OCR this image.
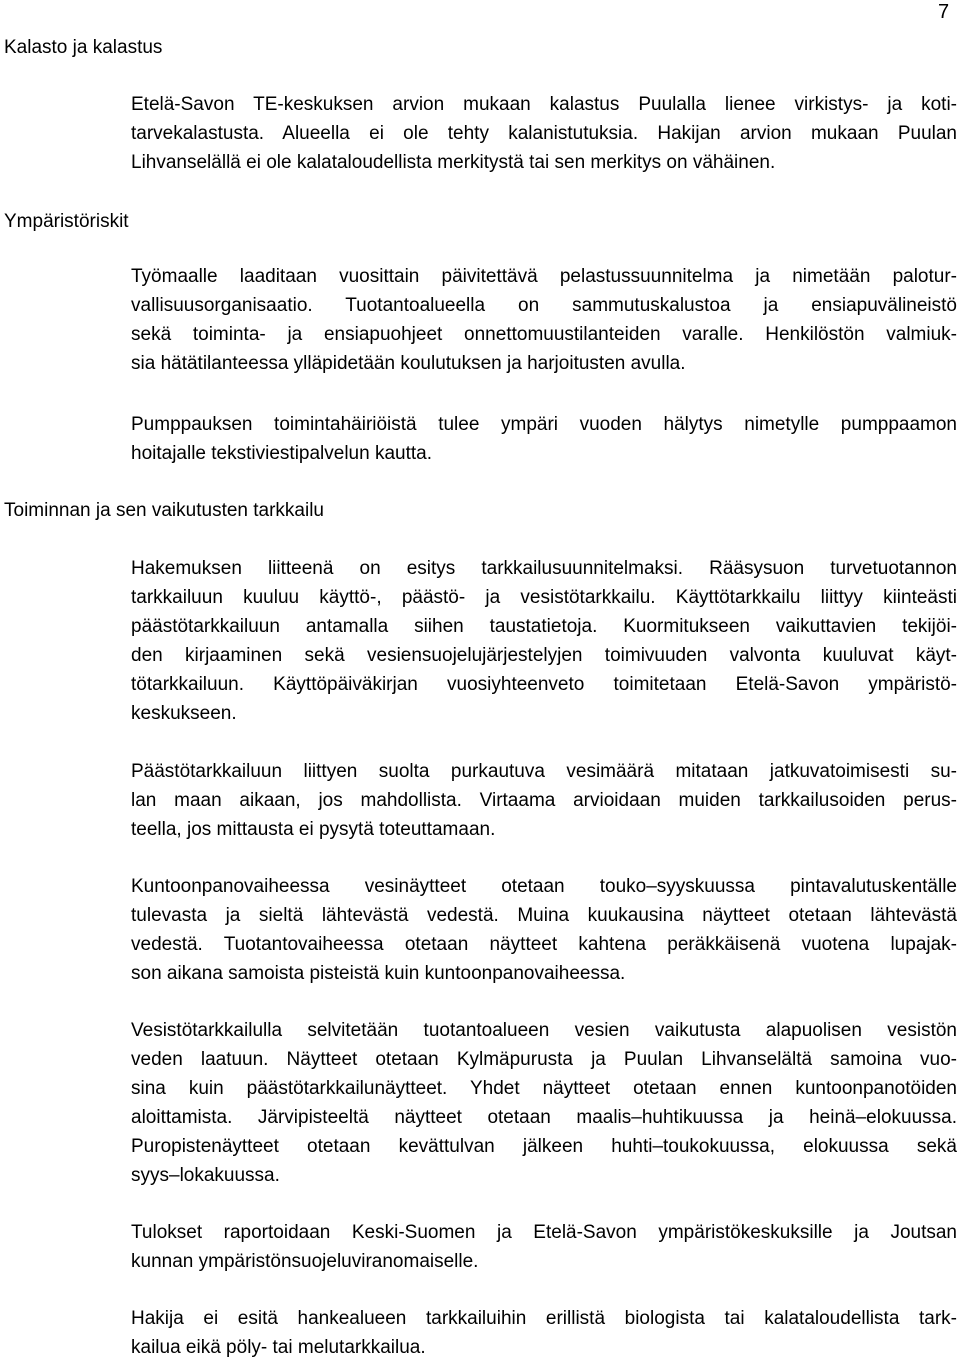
7
Kalasto ja kalastus
Etelä-Savon TE-keskuksen arvion mukaan kalastus Puulalla lienee virkistys- ja koti-
tarvekalastusta. Alueella ei ole tehty kalanistutuksia. Hakijan arvion mukaan Puulan
Lihvanselällä ei ole kalataloudellista merkitystä tai sen merkitys on vähäinen.
Ympäristöriskit
Työmaalle laaditaan vuosittain päivitettävä pelastussuunnitelma ja nimetään palotur-
vallisuusorganisaatio. Tuotantoalueella on sammutuskalustoa ja ensiapuvälineistö
sekä toiminta- ja ensiapuohjeet onnettomuustilanteiden varalle. Henkilöstön valmiuk-
sia hätätilanteessa ylläpidetään koulutuksen ja harjoitusten avulla.
Pumppauksen toimintahäiriöistä tulee ympäri vuoden hälytys nimetylle pumppaamon
hoitajalle tekstiviestipalvelun kautta.
Toiminnan ja sen vaikutusten tarkkailu
Hakemuksen liitteenä on esitys tarkkailusuunnitelmaksi. Rääsysuon turvetuotannon
tarkkailuun kuuluu käyttö-, päästö- ja vesistötarkkailu. Käyttötarkkailu liittyy kiinteästi
päästötarkkailuun antamalla siihen taustatietoja. Kuormitukseen vaikuttavien tekijöi-
den kirjaaminen sekä vesiensuojelujärjestelyjen toimivuuden valvonta kuuluvat käyt-
tötarkkailuun. Käyttöpäiväkirjan vuosiyhteenveto toimitetaan Etelä-Savon ympäristö-
keskukseen.
Päästötarkkailuun liittyen suolta purkautuva vesimäärä mitataan jatkuvatoimisesti su-
lan maan aikaan, jos mahdollista. Virtaama arvioidaan muiden tarkkailusoiden perus-
teella, jos mittausta ei pysytä toteuttamaan.
Kuntoonpanovaiheessa vesinäytteet otetaan touko–syyskuussa pintavalutuskentälle
tulevasta ja sieltä lähtevästä vedestä. Muina kuukausina näytteet otetaan lähtevästä
vedestä. Tuotantovaiheessa otetaan näytteet kahtena peräkkäisenä vuotena lupajak-
son aikana samoista pisteistä kuin kuntoonpanovaiheessa.
Vesistötarkkailulla selvitetään tuotantoalueen vesien vaikutusta alapuolisen vesistön
veden laatuun. Näytteet otetaan Kylmäpurusta ja Puulan Lihvanselältä samoina vuo-
sina kuin päästötarkkailunäytteet. Yhdet näytteet otetaan ennen kuntoonpanotöiden
aloittamista. Järvipisteeltä näytteet otetaan maalis–huhtikuussa ja heinä–elokuussa.
Puropistenäytteet otetaan kevättulvan jälkeen huhti–toukokuussa, elokuussa sekä
syys–lokakuussa.
Tulokset raportoidaan Keski-Suomen ja Etelä-Savon ympäristökeskuksille ja Joutsan
kunnan ympäristönsuojeluviranomaiselle.
Hakija ei esitä hankealueen tarkkailuihin erillistä biologista tai kalataloudellista tark-
kailua eikä pöly- tai melutarkkailua.
